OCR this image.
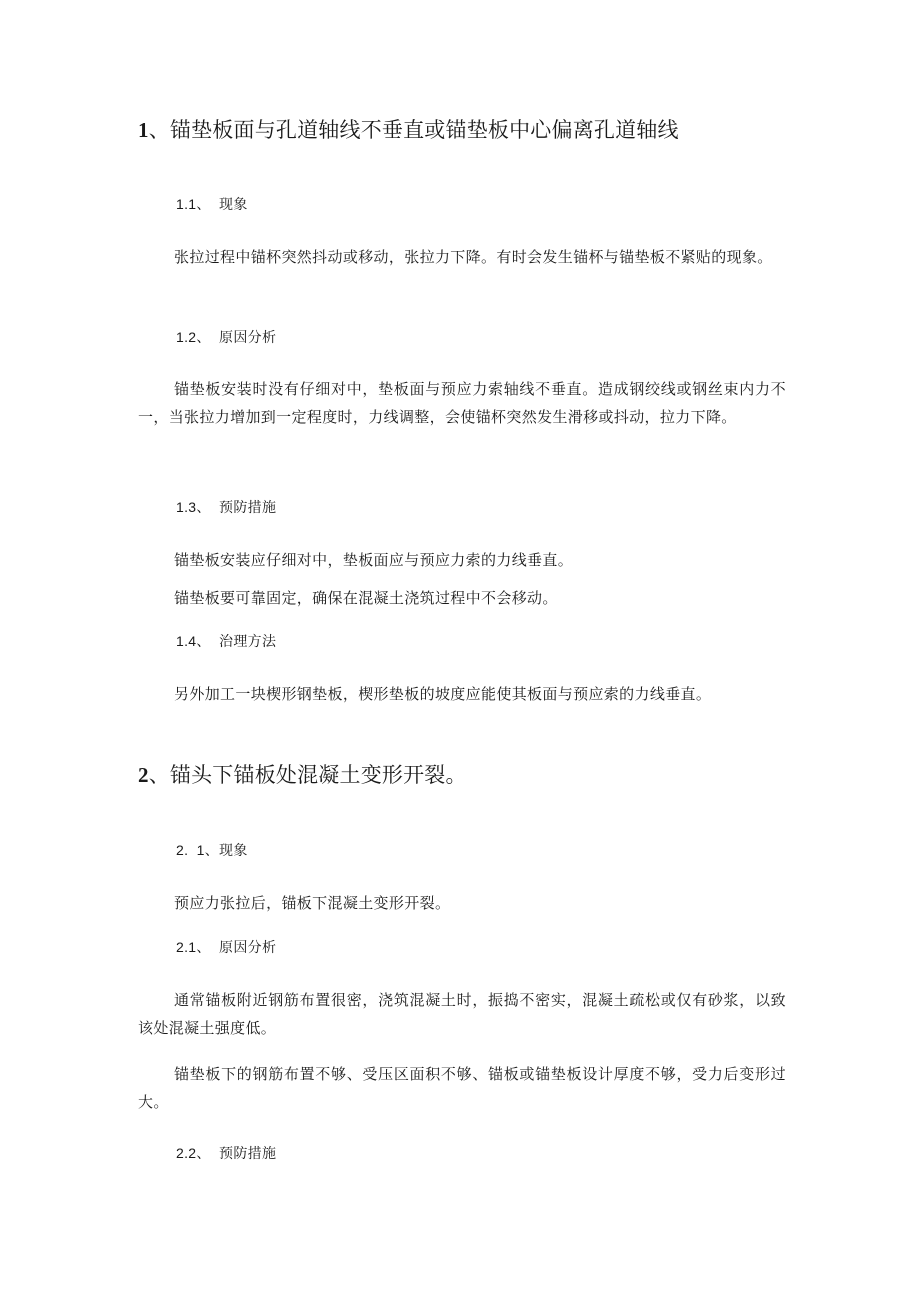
1、锚垫板面与孔道轴线不垂直或锚垫板中心偏离孔道轴线
1.1、  现象

张拉过程中锚杯突然抖动或移动，张拉力下降。有时会发生锚杯与锚垫板不紧贴的现象。

1.2、  原因分析

锚垫板安装时没有仔细对中，垫板面与预应力索轴线不垂直。造成钢绞线或钢丝束内力不一，当张拉力增加到一定程度时，力线调整，会使锚杯突然发生滑移或抖动，拉力下降。

1.3、  预防措施

锚垫板安装应仔细对中，垫板面应与预应力索的力线垂直。

锚垫板要可靠固定，确保在混凝土浇筑过程中不会移动。

1.4、  治理方法

另外加工一块楔形钢垫板，楔形垫板的坡度应能使其板面与预应索的力线垂直。

2、锚头下锚板处混凝土变形开裂。
2.  1、现象

预应力张拉后，锚板下混凝土变形开裂。

2.1、  原因分析

通常锚板附近钢筋布置很密，浇筑混凝土时，振捣不密实，混凝土疏松或仅有砂浆，以致该处混凝土强度低。

锚垫板下的钢筋布置不够、受压区面积不够、锚板或锚垫板设计厚度不够，受力后变形过大。

2.2、  预防措施
